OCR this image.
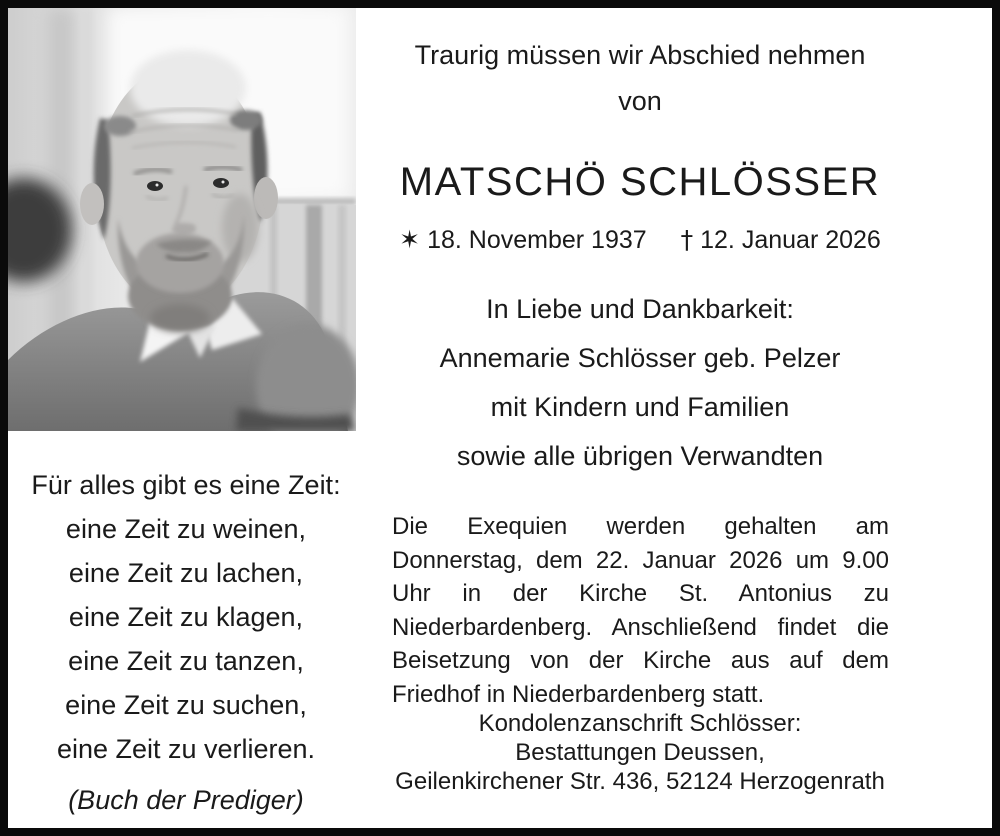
Traurig müssen wir Abschied nehmen
von
MATSCHÖ SCHLÖSSER
✶ 18. November 1937 † 12. Januar 2026
In Liebe und Dankbarkeit:
Annemarie Schlösser geb. Pelzer
mit Kindern und Familien
sowie alle übrigen Verwandten
Für alles gibt es eine Zeit:
eine Zeit zu weinen,
eine Zeit zu lachen,
eine Zeit zu klagen,
eine Zeit zu tanzen,
eine Zeit zu suchen,
eine Zeit zu verlieren.
(Buch der Prediger)
Die Exequien werden gehalten am Donnerstag, dem 22. Januar 2026 um 9.00 Uhr in der Kirche St. Antonius zu Niederbardenberg. Anschließend findet die Beisetzung von der Kirche aus auf dem Friedhof in Niederbardenberg statt.
Kondolenzanschrift Schlösser:
Bestattungen Deussen,
Geilenkirchener Str. 436, 52124 Herzogenrath
